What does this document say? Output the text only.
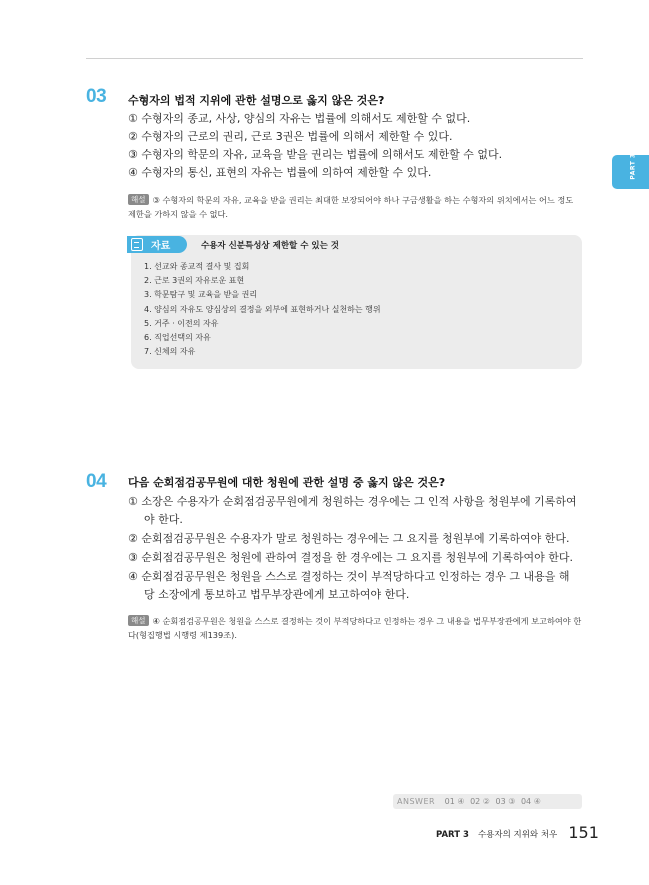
PART 3
03 수형자의 법적 지위에 관한 설명으로 옳지 않은 것은?
① 수형자의 종교, 사상, 양심의 자유는 법률에 의해서도 제한할 수 없다.
② 수형자의 근로의 권리, 근로 3권은 법률에 의해서 제한할 수 있다.
③ 수형자의 학문의 자유, 교육을 받을 권리는 법률에 의해서도 제한할 수 없다.
④ 수형자의 통신, 표현의 자유는 법률에 의하여 제한할 수 있다.
해설 ③ 수형자의 학문의 자유, 교육을 받을 권리는 최대한 보장되어야 하나 구금생활을 하는 수형자의 위치에서는 어느 정도 제한을 가하지 않을 수 없다.
자료	수용자 신분특성상 제한할 수 있는 것
1. 선교와 종교적 결사 및 집회
2. 근로 3권의 자유로운 표현
3. 학문탐구 및 교육을 받을 권리
4. 양심의 자유도 양심상의 결정을 외부에 표현하거나 실천하는 행위
5. 거주 · 이전의 자유
6. 직업선택의 자유
7. 신체의 자유
04 다음 순회점검공무원에 대한 청원에 관한 설명 중 옳지 않은 것은?
① 소장은 수용자가 순회점검공무원에게 청원하는 경우에는 그 인적 사항을 청원부에 기록하여
야 한다.
② 순회점검공무원은 수용자가 말로 청원하는 경우에는 그 요지를 청원부에 기록하여야 한다.
③ 순회점검공무원은 청원에 관하여 결정을 한 경우에는 그 요지를 청원부에 기록하여야 한다.
④ 순회점검공무원은 청원을 스스로 결정하는 것이 부적당하다고 인정하는 경우 그 내용을 해
당 소장에게 통보하고 법무부장관에게 보고하여야 한다.
해설 ④ 순회점검공무원은 청원을 스스로 결정하는 것이 부적당하다고 인정하는 경우 그 내용을 법무부장관에게 보고하여야 한다(형집행법 시행령 제139조).
ANSWER 01 ④ 02 ② 03 ③ 04 ④
PART 3 수용자의 지위와 처우 151
